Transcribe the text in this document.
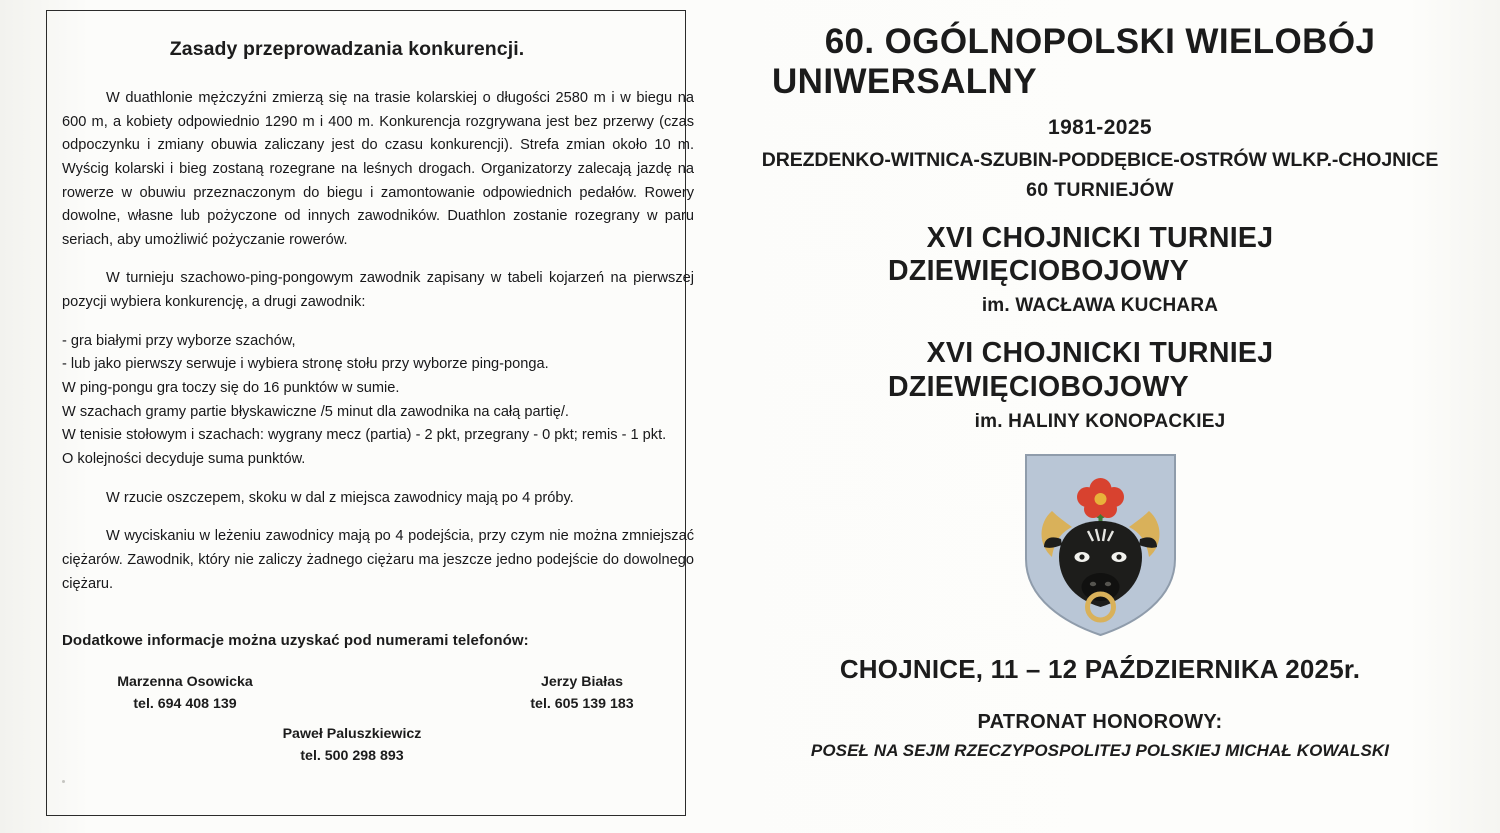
Zasady przeprowadzania konkurencji.

W duathlonie mężczyźni zmierzą się na trasie kolarskiej o długości 2580 m i w biegu na 600 m, a kobiety odpowiednio 1290 m i 400 m. Konkurencja rozgrywana jest bez przerwy (czas odpoczynku i zmiany obuwia zaliczany jest do czasu konkurencji). Strefa zmian około 10 m. Wyścig kolarski i bieg zostaną rozegrane na leśnych drogach. Organizatorzy zalecają jazdę na rowerze w obuwiu przeznaczonym do biegu i zamontowanie odpowiednich pedałów. Rowery dowolne, własne lub pożyczone od innych zawodników. Duathlon zostanie rozegrany w paru seriach, aby umożliwić pożyczanie rowerów.

W turnieju szachowo-ping-pongowym zawodnik zapisany w tabeli kojarzeń na pierwszej pozycji wybiera konkurencję, a drugi zawodnik:

- gra białymi przy wyborze szachów,

- lub jako pierwszy serwuje i wybiera stronę stołu przy wyborze ping-ponga.

W ping-pongu gra toczy się do 16 punktów w sumie.

W szachach gramy partie błyskawiczne /5 minut dla zawodnika na całą partię/.

W tenisie stołowym i szachach: wygrany mecz (partia) - 2 pkt, przegrany - 0 pkt; remis - 1 pkt.

O kolejności decyduje suma punktów.

W rzucie oszczepem, skoku w dal z miejsca zawodnicy mają po 4 próby.

W wyciskaniu w leżeniu zawodnicy mają po 4 podejścia, przy czym nie można zmniejszać ciężarów. Zawodnik, który nie zaliczy żadnego ciężaru ma jeszcze jedno podejście do dowolnego ciężaru.

Dodatkowe informacje można uzyskać pod numerami telefonów:
Marzenna Osowicka
tel. 694 408 139
Jerzy Białas
tel. 605 139 183
Paweł Paluszkiewicz
tel. 500 298 893
60. OGÓLNOPOLSKI WIELOBÓJ

UNIWERSALNY
1981-2025
DREZDENKO-WITNICA-SZUBIN-PODDĘBICE-OSTRÓW WLKP.-CHOJNICE
60 TURNIEJÓW
XVI CHOJNICKI TURNIEJ

DZIEWIĘCIOBOJOWY
im. WACŁAWA KUCHARA
XVI CHOJNICKI TURNIEJ

DZIEWIĘCIOBOJOWY
im. HALINY KONOPACKIEJ
CHOJNICE, 11 – 12 PAŹDZIERNIKA 2025r.
PATRONAT HONOROWY:
POSEŁ NA SEJM RZECZYPOSPOLITEJ POLSKIEJ MICHAŁ KOWALSKI
